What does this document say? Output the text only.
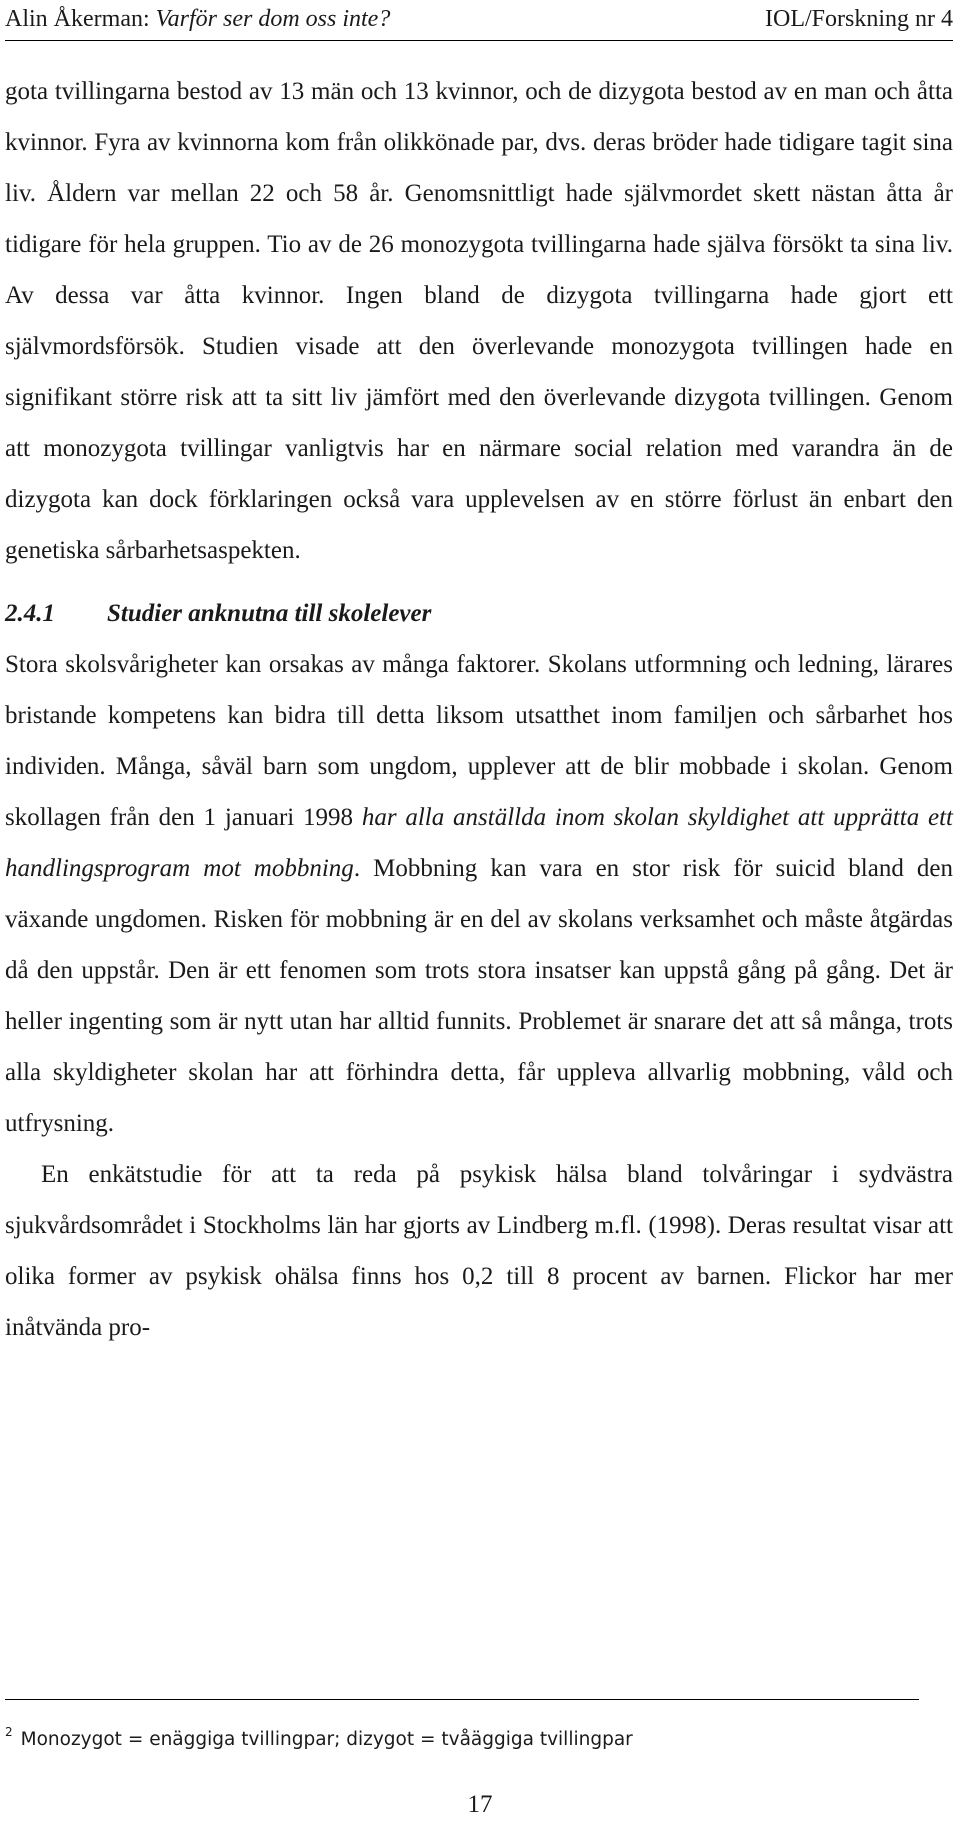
Alin Åkerman: Varför ser dom oss inte?	IOL/Forskning nr 4

gota tvillingarna bestod av 13 män och 13 kvinnor, och de dizygota bestod av en man och åtta kvinnor. Fyra av kvinnorna kom från olikkönade par, dvs. deras bröder hade tidigare tagit sina liv. Åldern var mellan 22 och 58 år. Genomsnittligt hade självmordet skett nästan åtta år tidigare för hela gruppen. Tio av de 26 monozygota tvillingarna hade själva försökt ta sina liv. Av dessa var åtta kvinnor. Ingen bland de dizygota tvillingarna hade gjort ett självmordsförsök. Studien visade att den överlevande monozygota tvillingen hade en signifikant större risk att ta sitt liv jämfört med den överlevande dizygota tvillingen. Genom att monozygota tvillingar vanligtvis har en närmare social relation med varandra än de dizygota kan dock förklaringen också vara upplevelsen av en större förlust än enbart den genetiska sårbarhetsaspekten.

2.4.1	Studier anknutna till skolelever

Stora skolsvårigheter kan orsakas av många faktorer. Skolans utformning och ledning, lärares bristande kompetens kan bidra till detta liksom utsatthet inom familjen och sårbarhet hos individen. Många, såväl barn som ungdom, upplever att de blir mobbade i skolan. Genom skollagen från den 1 januari 1998 har alla anställda inom skolan skyldighet att upprätta ett handlingsprogram mot mobbning. Mobbning kan vara en stor risk för suicid bland den växande ungdomen. Risken för mobbning är en del av skolans verksamhet och måste åtgärdas då den uppstår. Den är ett fenomen som trots stora insatser kan uppstå gång på gång. Det är heller ingenting som är nytt utan har alltid funnits. Problemet är snarare det att så många, trots alla skyldigheter skolan har att förhindra detta, får uppleva allvarlig mobbning, våld och utfrysning.

En enkätstudie för att ta reda på psykisk hälsa bland tolvåringar i sydvästra sjukvårdsområdet i Stockholms län har gjorts av Lindberg m.fl. (1998). Deras resultat visar att olika former av psykisk ohälsa finns hos 0,2 till 8 procent av barnen. Flickor har mer inåtvända pro-

$^2$ Monozygot = enäggiga tvillingpar; dizygot = tvåäggiga tvillingpar
17
